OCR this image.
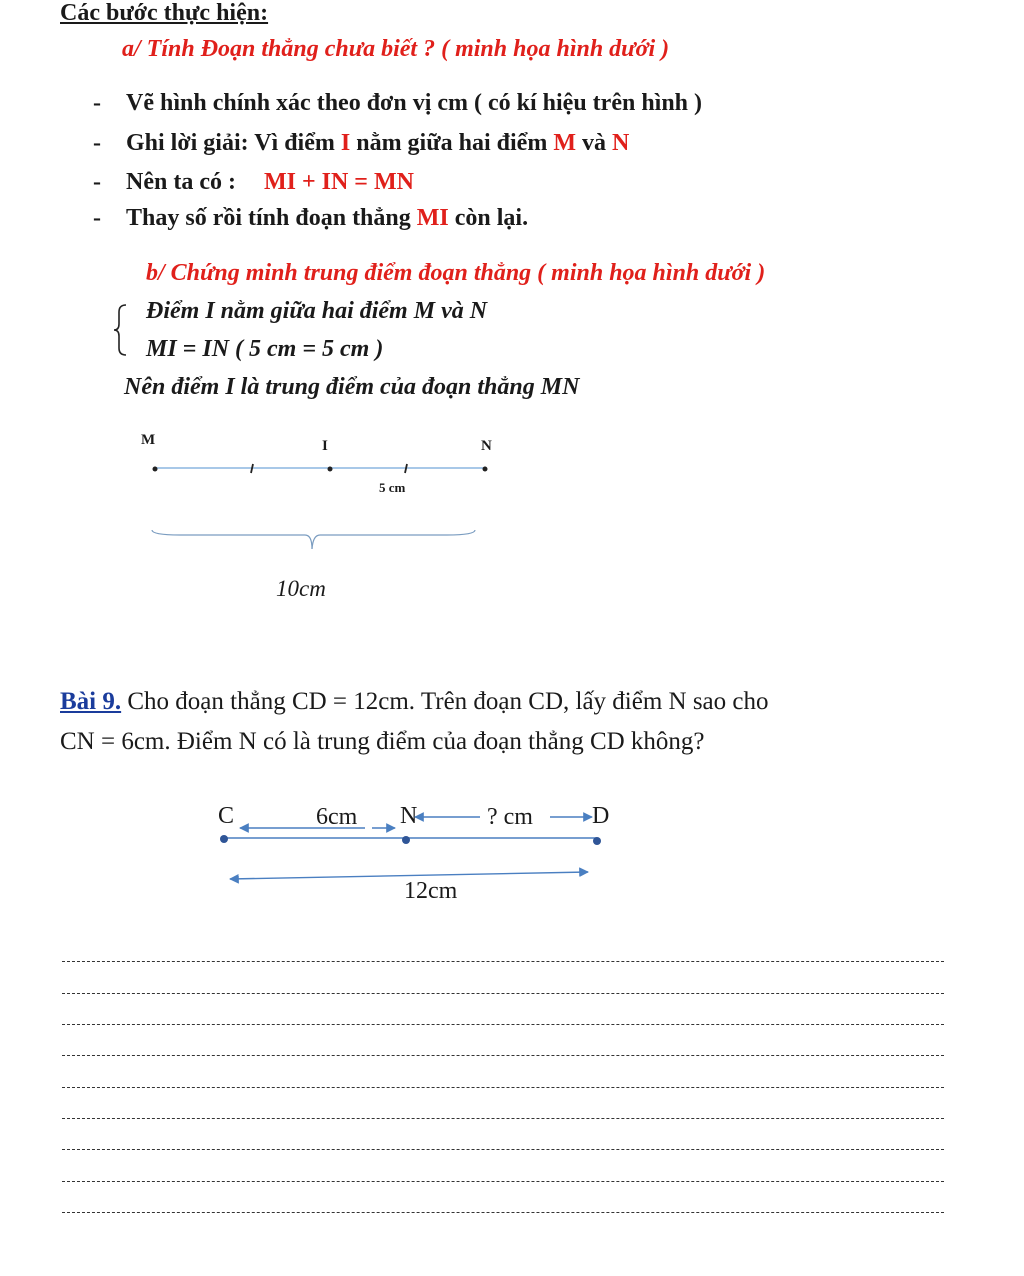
Các bước thực hiện:
a/ Tính Đoạn thẳng chưa biết ? ( minh họa hình dưới )
- Vẽ hình chính xác theo đơn vị cm ( có kí hiệu trên hình )
- Ghi lời giải: Vì điểm I nằm giữa hai điểm M và N
- Nên ta có : MI + IN = MN
- Thay số rồi tính đoạn thẳng MI còn lại.
b/ Chứng minh trung điểm đoạn thẳng ( minh họa hình dưới )
Điểm I nằm giữa hai điểm M và N
MI = IN ( 5 cm = 5 cm )
Nên điểm I là trung điểm của đoạn thẳng MN
M	I	N
5 cm
10cm
Bài 9. Cho đoạn thẳng CD = 12cm. Trên đoạn CD, lấy điểm N sao cho
CN = 6cm. Điểm N có là trung điểm của đoạn thẳng CD không?
C	6cm N	? cm D
12cm
